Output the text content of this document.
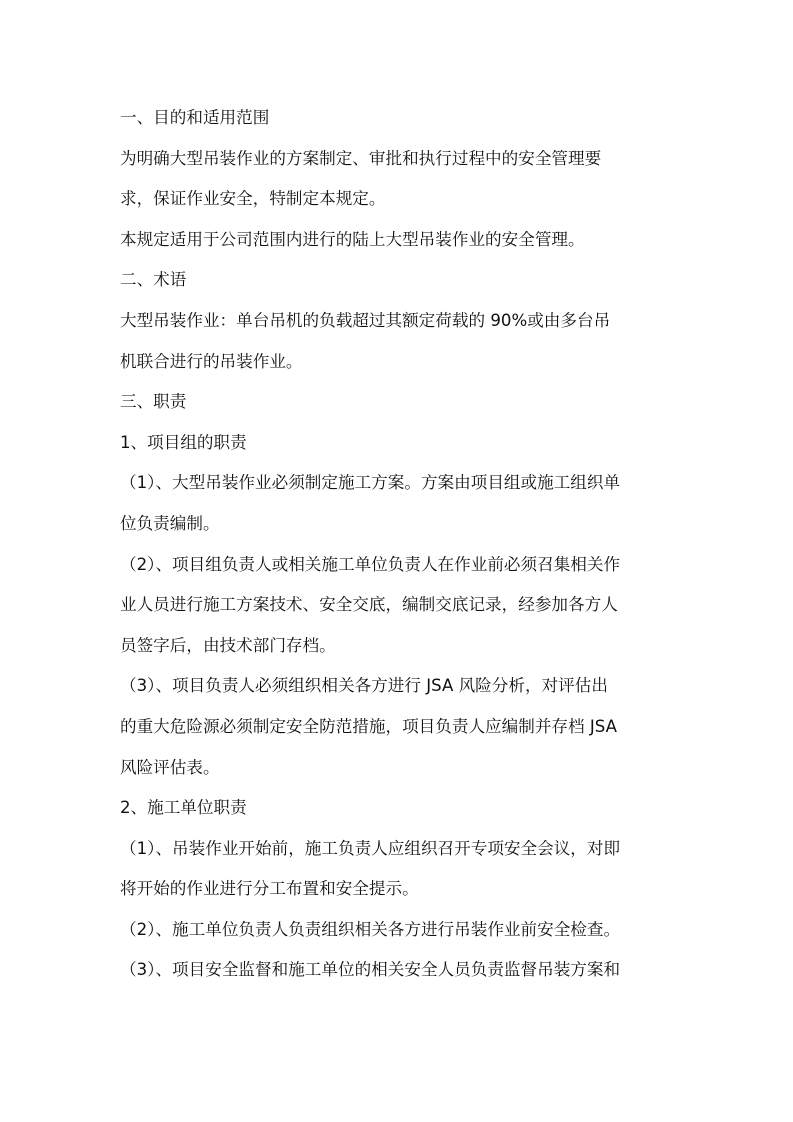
一、目的和适用范围
为明确大型吊装作业的方案制定、审批和执行过程中的安全管理要
求，保证作业安全，特制定本规定。
本规定适用于公司范围内进行的陆上大型吊装作业的安全管理。
二、术语
大型吊装作业：单台吊机的负载超过其额定荷载的 90%或由多台吊
机联合进行的吊装作业。
三、职责
1、项目组的职责
（1）、大型吊装作业必须制定施工方案。方案由项目组或施工组织单
位负责编制。
（2）、项目组负责人或相关施工单位负责人在作业前必须召集相关作
业人员进行施工方案技术、安全交底，编制交底记录，经参加各方人
员签字后，由技术部门存档。
（3）、项目负责人必须组织相关各方进行 JSA 风险分析，对评估出
的重大危险源必须制定安全防范措施，项目负责人应编制并存档 JSA
风险评估表。
2、施工单位职责
（1）、吊装作业开始前，施工负责人应组织召开专项安全会议，对即
将开始的作业进行分工布置和安全提示。
（2）、施工单位负责人负责组织相关各方进行吊装作业前安全检查。
（3）、项目安全监督和施工单位的相关安全人员负责监督吊装方案和
